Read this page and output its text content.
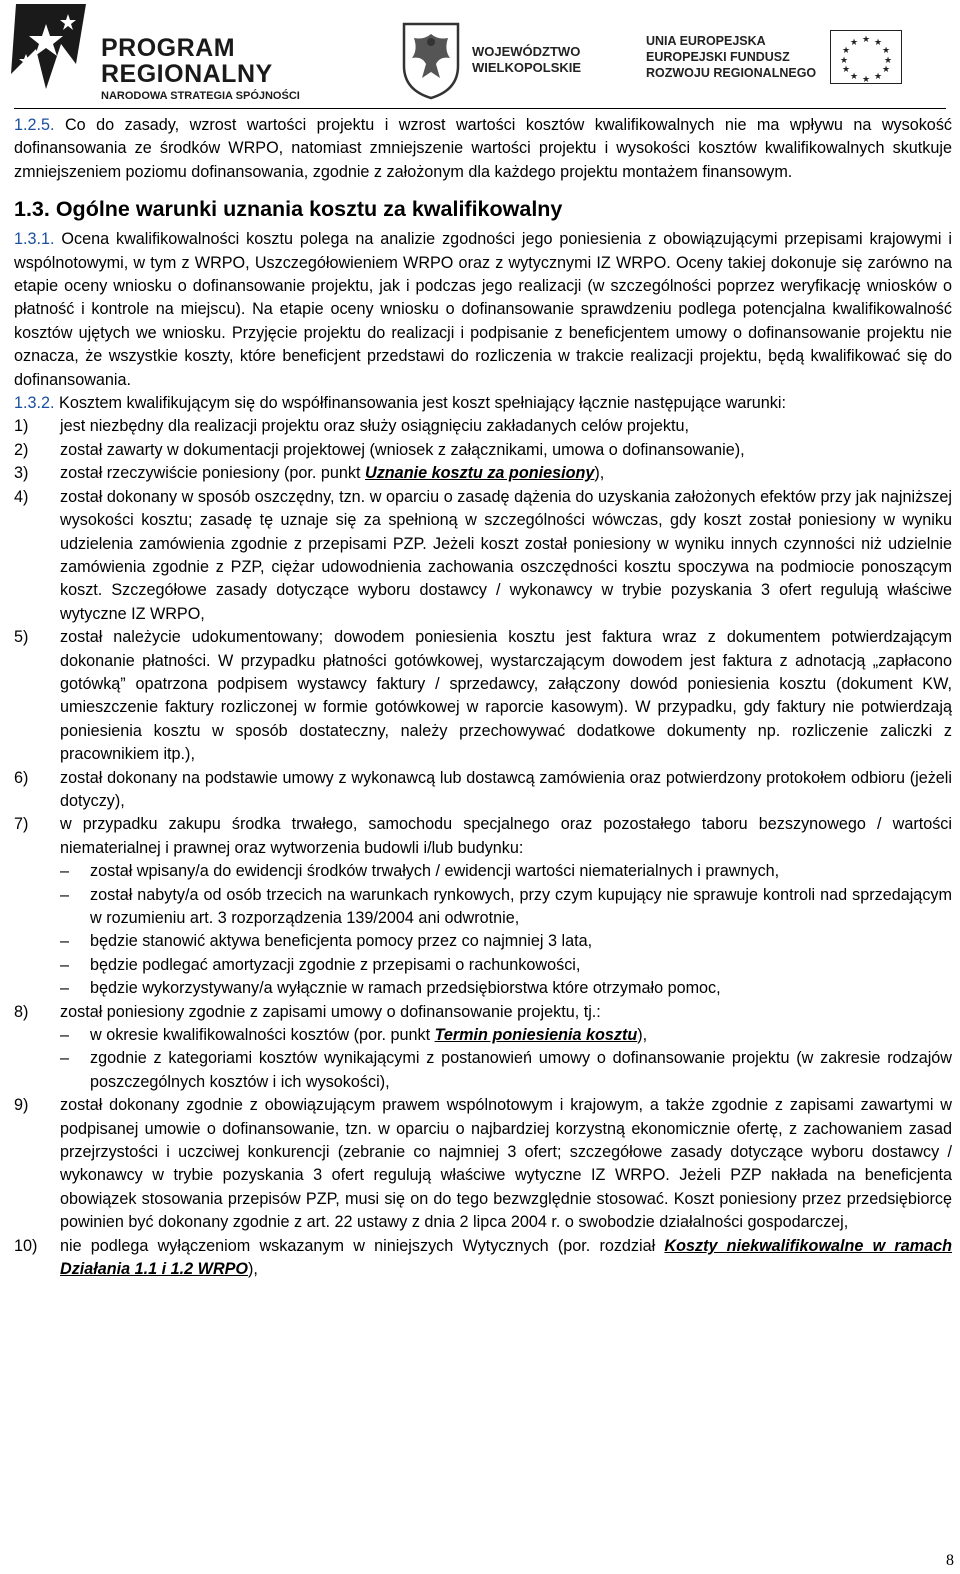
PROGRAM
REGIONALNY
NARODOWA STRATEGIA SPÓJNOŚCI
WOJEWÓDZTWO
WIELKOPOLSKIE
UNIA EUROPEJSKA
EUROPEJSKI FUNDUSZ
ROZWOJU REGIONALNEGO
★ ★
★
★
★
★
★
★
★
★
★
★

1.2.5. Co do zasady, wzrost wartości projektu i wzrost wartości kosztów kwalifikowalnych nie ma wpływu na wysokość dofinansowania ze środków WRPO, natomiast zmniejszenie wartości projektu i wysokości kosztów kwalifikowalnych skutkuje zmniejszeniem poziomu dofinansowania, zgodnie z założonym dla każdego projektu montażem finansowym.

1.3. Ogólne warunki uznania kosztu za kwalifikowalny

1.3.1. Ocena kwalifikowalności kosztu polega na analizie zgodności jego poniesienia z obowiązującymi przepisami krajowymi i wspólnotowymi, w tym z WRPO, Uszczegółowieniem WRPO oraz z wytycznymi IZ WRPO. Oceny takiej dokonuje się zarówno na etapie oceny wniosku o dofinansowanie projektu, jak i podczas jego realizacji (w szczególności poprzez weryfikację wniosków o płatność i kontrole na miejscu). Na etapie oceny wniosku o dofinansowanie sprawdzeniu podlega potencjalna kwalifikowalność kosztów ujętych we wniosku. Przyjęcie projektu do realizacji i podpisanie z beneficjentem umowy o dofinansowanie projektu nie oznacza, że wszystkie koszty, które beneficjent przedstawi do rozliczenia w trakcie realizacji projektu, będą kwalifikować się do dofinansowania.

1.3.2. Kosztem kwalifikującym się do współfinansowania jest koszt spełniający łącznie następujące warunki:

1)	jest niezbędny dla realizacji projektu oraz służy osiągnięciu zakładanych celów projektu,
2)	został zawarty w dokumentacji projektowej (wniosek z załącznikami, umowa o dofinansowanie),
3)	został rzeczywiście poniesiony (por. punkt Uznanie kosztu za poniesiony),
4)	został dokonany w sposób oszczędny, tzn. w oparciu o zasadę dążenia do uzyskania założonych efektów przy jak najniższej wysokości kosztu; zasadę tę uznaje się za spełnioną w szczególności wówczas, gdy koszt został poniesiony w wyniku udzielenia zamówienia zgodnie z przepisami PZP. Jeżeli koszt został poniesiony w wyniku innych czynności niż udzielnie zamówienia zgodnie z PZP, ciężar udowodnienia zachowania oszczędności kosztu spoczywa na podmiocie ponoszącym koszt. Szczegółowe zasady dotyczące wyboru dostawcy / wykonawcy w trybie pozyskania 3 ofert regulują właściwe wytyczne IZ WRPO,
5)	został należycie udokumentowany; dowodem poniesienia kosztu jest faktura wraz z dokumentem potwierdzającym dokonanie płatności. W przypadku płatności gotówkowej, wystarczającym dowodem jest faktura z adnotacją „zapłacono gotówką” opatrzona podpisem wystawcy faktury / sprzedawcy, załączony dowód poniesienia kosztu (dokument KW, umieszczenie faktury rozliczonej w formie gotówkowej w raporcie kasowym). W przypadku, gdy faktury nie potwierdzają poniesienia kosztu w sposób dostateczny, należy przechowywać dodatkowe dokumenty np. rozliczenie zaliczki z pracownikiem itp.),
6)	został dokonany na podstawie umowy z wykonawcą lub dostawcą zamówienia oraz potwierdzony protokołem odbioru (jeżeli dotyczy),
7)	w przypadku zakupu środka trwałego, samochodu specjalnego oraz pozostałego taboru bezszynowego / wartości niematerialnej i prawnej oraz wytworzenia budowli i/lub budynku:
–	został wpisany/a do ewidencji środków trwałych / ewidencji wartości niematerialnych i prawnych,
–	został nabyty/a od osób trzecich na warunkach rynkowych, przy czym kupujący nie sprawuje kontroli nad sprzedającym w rozumieniu art. 3 rozporządzenia 139/2004 ani odwrotnie,
–	będzie stanowić aktywa beneficjenta pomocy przez co najmniej 3 lata,
–	będzie podlegać amortyzacji zgodnie z przepisami o rachunkowości,
–	będzie wykorzystywany/a wyłącznie w ramach przedsiębiorstwa które otrzymało pomoc,
8)	został poniesiony zgodnie z zapisami umowy o dofinansowanie projektu, tj.:
–	w okresie kwalifikowalności kosztów (por. punkt Termin poniesienia kosztu),
–	zgodnie z kategoriami kosztów wynikającymi z postanowień umowy o dofinansowanie projektu (w zakresie rodzajów poszczególnych kosztów i ich wysokości),
9)	został dokonany zgodnie z obowiązującym prawem wspólnotowym i krajowym, a także zgodnie z zapisami zawartymi w podpisanej umowie o dofinansowanie, tzn. w oparciu o najbardziej korzystną ekonomicznie ofertę, z zachowaniem zasad przejrzystości i uczciwej konkurencji (zebranie co najmniej 3 ofert; szczegółowe zasady dotyczące wyboru dostawcy / wykonawcy w trybie pozyskania 3 ofert regulują właściwe wytyczne IZ WRPO. Jeżeli PZP nakłada na beneficjenta obowiązek stosowania przepisów PZP, musi się on do tego bezwzględnie stosować. Koszt poniesiony przez przedsiębiorcę powinien być dokonany zgodnie z art. 22 ustawy z dnia 2 lipca 2004 r. o swobodzie działalności gospodarczej,
10)	nie podlega wyłączeniom wskazanym w niniejszych Wytycznych (por. rozdział Koszty niekwalifikowalne w ramach Działania 1.1 i 1.2 WRPO),
8
